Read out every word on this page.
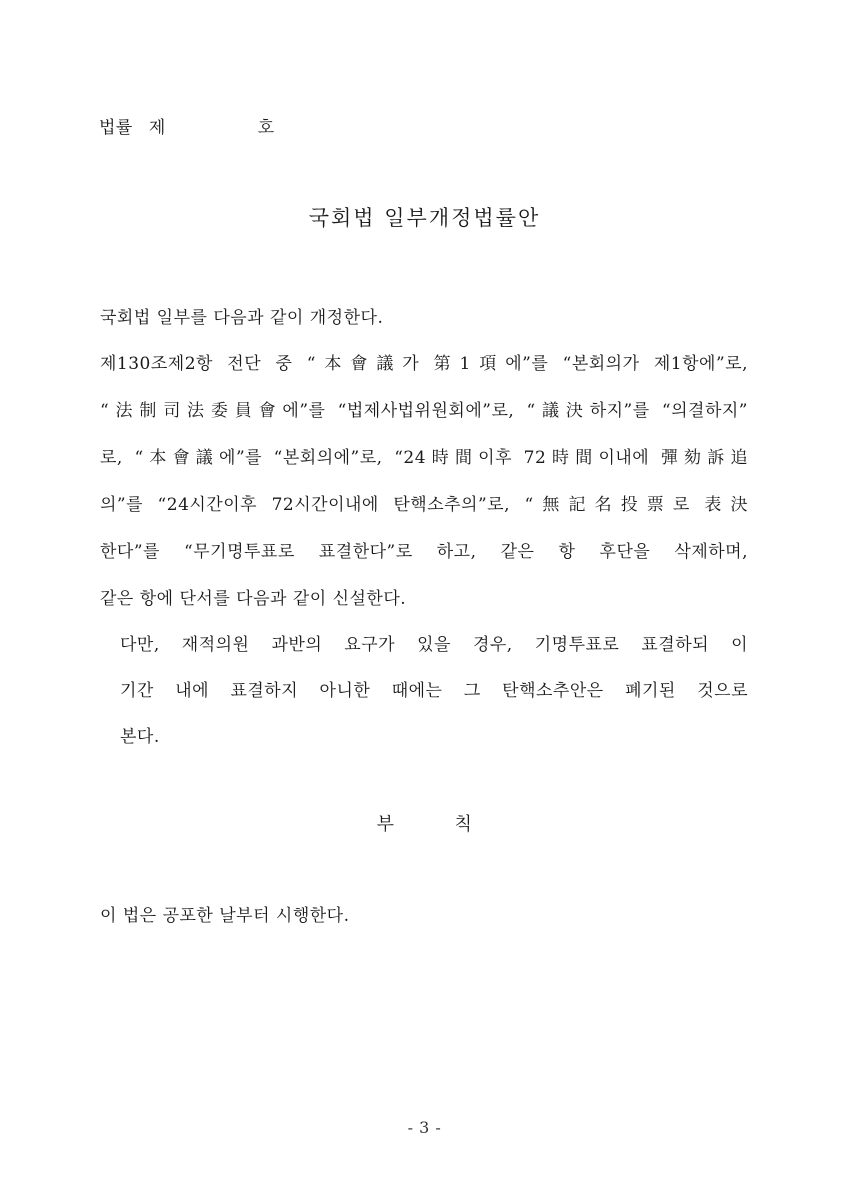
법률 제	호
국회법 일부개정법률안
국회법 일부를 다음과 같이 개정한다.
제130조제2항 전단 중 “本會議가 第1項에”를 “본회의가 제1항에”로,
“法制司法委員會에”를 “법제사법위원회에”로, “議決하지”를 “의결하지”
로, “本會議에”를 “본회의에”로, “24時間이후 72時間이내에 彈劾訴追
의”를 “24시간이후 72시간이내에 탄핵소추의”로, “無記名投票로 表決
한다”를 “무기명투표로 표결한다”로 하고, 같은 항 후단을 삭제하며,
같은 항에 단서를 다음과 같이 신설한다.
다만, 재적의원 과반의 요구가 있을 경우, 기명투표로 표결하되 이
기간 내에 표결하지 아니한 때에는 그 탄핵소추안은 폐기된 것으로
본다.
부	칙
이 법은 공포한 날부터 시행한다.
- 3 -
